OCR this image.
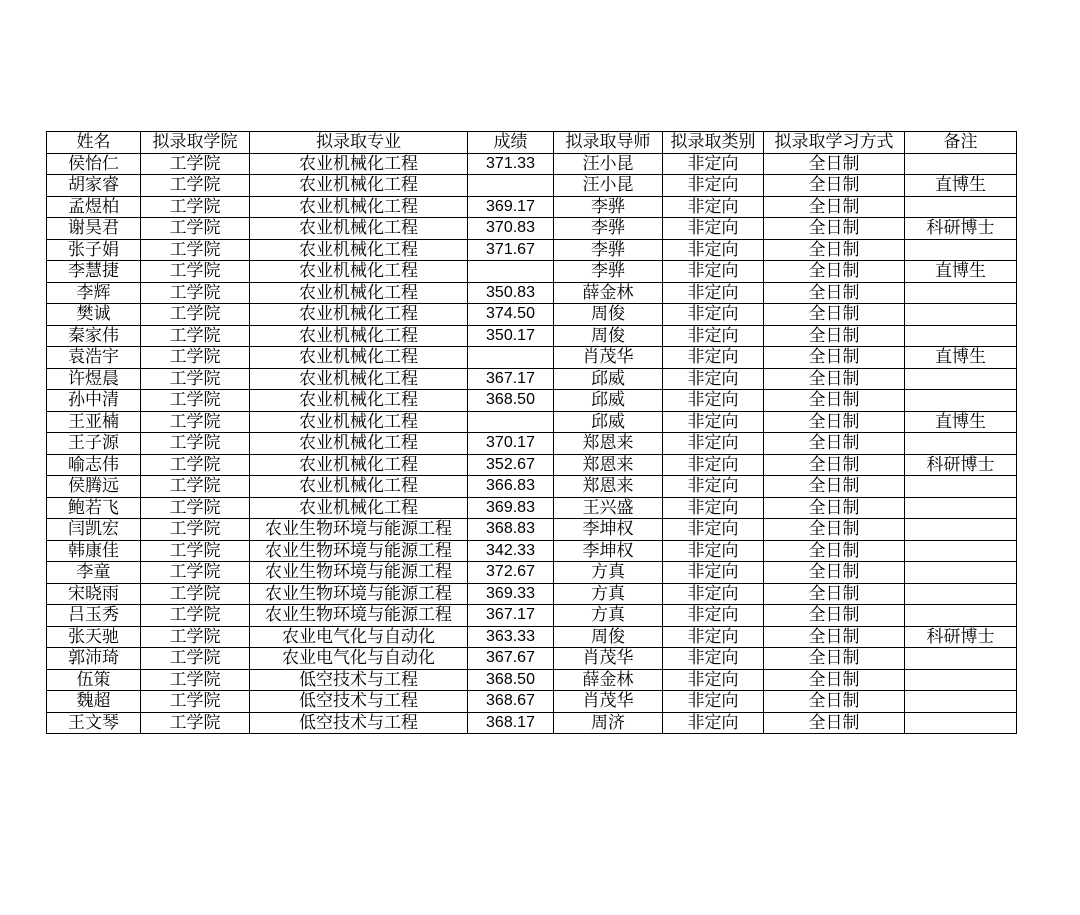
姓名	拟录取学院	拟录取专业	成绩	拟录取导师	拟录取类别	拟录取学习方式	备注
侯怡仁	工学院	农业机械化工程	371.33	汪小昆	非定向	全日制	
胡家睿	工学院	农业机械化工程		汪小昆	非定向	全日制	直博生
孟煜柏	工学院	农业机械化工程	369.17	李骅	非定向	全日制	
谢昊君	工学院	农业机械化工程	370.83	李骅	非定向	全日制	科研博士
张子娟	工学院	农业机械化工程	371.67	李骅	非定向	全日制	
李慧捷	工学院	农业机械化工程		李骅	非定向	全日制	直博生
李辉	工学院	农业机械化工程	350.83	薛金林	非定向	全日制	
樊诚	工学院	农业机械化工程	374.50	周俊	非定向	全日制	
秦家伟	工学院	农业机械化工程	350.17	周俊	非定向	全日制	
袁浩宇	工学院	农业机械化工程		肖茂华	非定向	全日制	直博生
许煜晨	工学院	农业机械化工程	367.17	邱威	非定向	全日制	
孙中清	工学院	农业机械化工程	368.50	邱威	非定向	全日制	
王亚楠	工学院	农业机械化工程		邱威	非定向	全日制	直博生
王子源	工学院	农业机械化工程	370.17	郑恩来	非定向	全日制	
喻志伟	工学院	农业机械化工程	352.67	郑恩来	非定向	全日制	科研博士
侯腾远	工学院	农业机械化工程	366.83	郑恩来	非定向	全日制	
鲍若飞	工学院	农业机械化工程	369.83	王兴盛	非定向	全日制	
闫凯宏	工学院	农业生物环境与能源工程	368.83	李坤权	非定向	全日制	
韩康佳	工学院	农业生物环境与能源工程	342.33	李坤权	非定向	全日制	
李童	工学院	农业生物环境与能源工程	372.67	方真	非定向	全日制	
宋晓雨	工学院	农业生物环境与能源工程	369.33	方真	非定向	全日制	
吕玉秀	工学院	农业生物环境与能源工程	367.17	方真	非定向	全日制	
张天驰	工学院	农业电气化与自动化	363.33	周俊	非定向	全日制	科研博士
郭沛琦	工学院	农业电气化与自动化	367.67	肖茂华	非定向	全日制	
伍策	工学院	低空技术与工程	368.50	薛金林	非定向	全日制	
魏超	工学院	低空技术与工程	368.67	肖茂华	非定向	全日制	
王文琴	工学院	低空技术与工程	368.17	周济	非定向	全日制	
